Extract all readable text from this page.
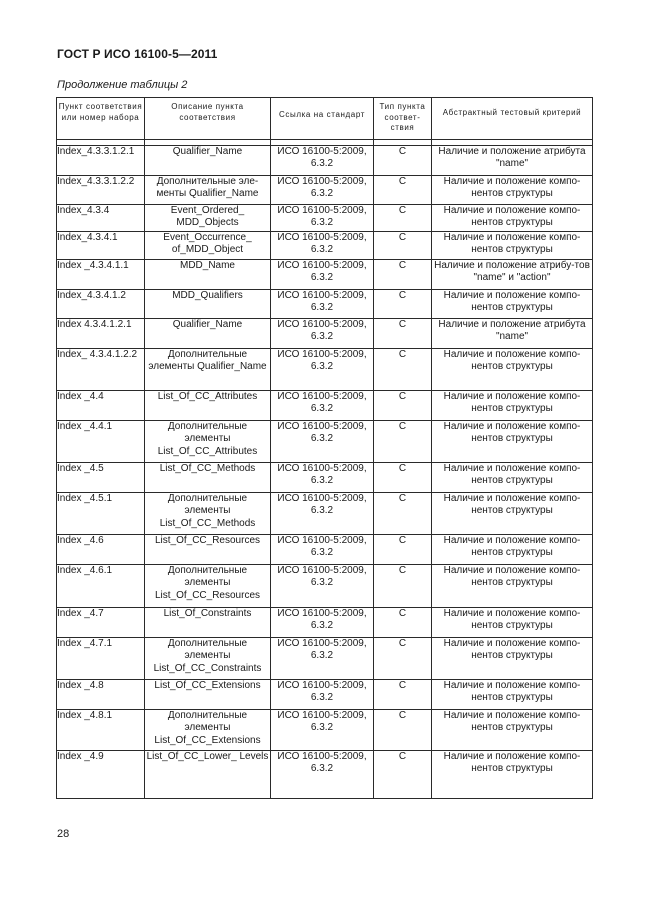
ГОСТ Р ИСО 16100-5—2011
Продолжение таблицы 2
Пункт соответствия или номер набора	Описание пункта соответствия	Ссылка на стандарт	Тип пункта соответ-ствия	Абстрактный тестовый критерий

Index_4.3.3.1.2.1	Qualifier_Name	ИСО 16100-5:2009, 6.3.2	C	Наличие и положение атрибута "name"
Index_4.3.3.1.2.2	Дополнительные эле-менты Qualifier_Name	ИСО 16100-5:2009, 6.3.2	C	Наличие и положение компо-нентов структуры
Index_4.3.4	Event_Ordered_ MDD_Objects	ИСО 16100-5:2009, 6.3.2	C	Наличие и положение компо-нентов структуры
Index_4.3.4.1	Event_Occurrence_ of_MDD_Object	ИСО 16100-5:2009, 6.3.2	C	Наличие и положение компо-нентов структуры
Index _4.3.4.1.1	MDD_Name	ИСО 16100-5:2009, 6.3.2	C	Наличие и положение атрибу-тов "name" и "action"
Index_4.3.4.1.2	MDD_Qualifiers	ИСО 16100-5:2009, 6.3.2	C	Наличие и положение компо-нентов структуры
Index 4.3.4.1.2.1	Qualifier_Name	ИСО 16100-5:2009, 6.3.2	C	Наличие и положение атрибута "name"
Index_ 4.3.4.1.2.2	Дополнительные элементы Qualifier_Name	ИСО 16100-5:2009, 6.3.2	C	Наличие и положение компо-нентов структуры
Index _4.4	List_Of_CC_Attributes	ИСО 16100-5:2009, 6.3.2	C	Наличие и положение компо-нентов структуры
Index _4.4.1	Дополнительные элементы List_Of_CC_Attributes	ИСО 16100-5:2009, 6.3.2	C	Наличие и положение компо-нентов структуры
Index _4.5	List_Of_CC_Methods	ИСО 16100-5:2009, 6.3.2	C	Наличие и положение компо-нентов структуры
Index _4.5.1	Дополнительные элементы List_Of_CC_Methods	ИСО 16100-5:2009, 6.3.2	C	Наличие и положение компо-нентов структуры
Index _4.6	List_Of_CC_Resources	ИСО 16100-5:2009, 6.3.2	C	Наличие и положение компо-нентов структуры
Index _4.6.1	Дополнительные элементы List_Of_CC_Resources	ИСО 16100-5:2009, 6.3.2	C	Наличие и положение компо-нентов структуры
Index _4.7	List_Of_Constraints	ИСО 16100-5:2009, 6.3.2	C	Наличие и положение компо-нентов структуры
Index _4.7.1	Дополнительные элементы List_Of_CC_Constraints	ИСО 16100-5:2009, 6.3.2	C	Наличие и положение компо-нентов структуры
Index _4.8	List_Of_CC_Extensions	ИСО 16100-5:2009, 6.3.2	C	Наличие и положение компо-нентов структуры
Index _4.8.1	Дополнительные элементы List_Of_CC_Extensions	ИСО 16100-5:2009, 6.3.2	C	Наличие и положение компо-нентов структуры
Index _4.9	List_Of_CC_Lower_ Levels	ИСО 16100-5:2009, 6.3.2	C	Наличие и положение компо-нентов структуры
28
